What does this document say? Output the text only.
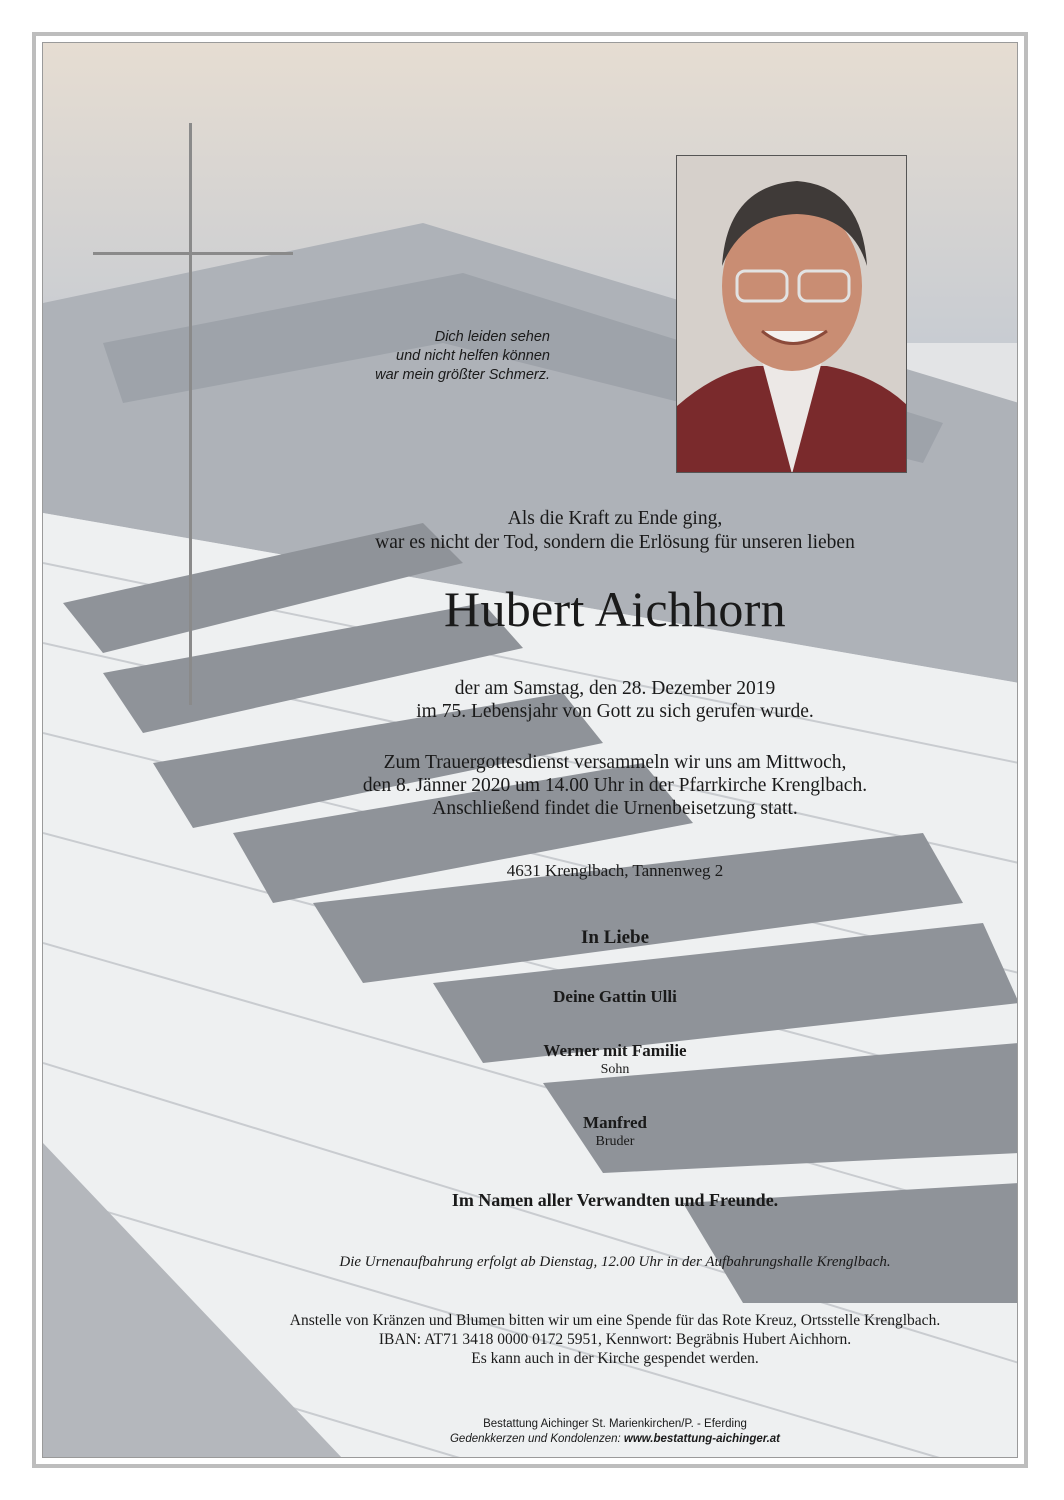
Dich leiden sehen
und nicht helfen können
war mein größter Schmerz.
Als die Kraft zu Ende ging,
war es nicht der Tod, sondern die Erlösung für unseren lieben
Hubert Aichhorn
der am Samstag, den 28. Dezember 2019
im 75. Lebensjahr von Gott zu sich gerufen wurde.
Zum Trauergottesdienst versammeln wir uns am Mittwoch,
den 8. Jänner 2020 um 14.00 Uhr in der Pfarrkirche Krenglbach.
Anschließend findet die Urnenbeisetzung statt.
4631 Krenglbach, Tannenweg 2
In Liebe
Deine Gattin Ulli
Werner mit Familie
Sohn
Manfred
Bruder
Im Namen aller Verwandten und Freunde.
Die Urnenaufbahrung erfolgt ab Dienstag, 12.00 Uhr in der Aufbahrungshalle Krenglbach.
Anstelle von Kränzen und Blumen bitten wir um eine Spende für das Rote Kreuz, Ortsstelle Krenglbach.
IBAN: AT71 3418 0000 0172 5951, Kennwort: Begräbnis Hubert Aichhorn.
Es kann auch in der Kirche gespendet werden.
Bestattung Aichinger St. Marienkirchen/P. - Eferding
Gedenkkerzen und Kondolenzen: www.bestattung-aichinger.at
